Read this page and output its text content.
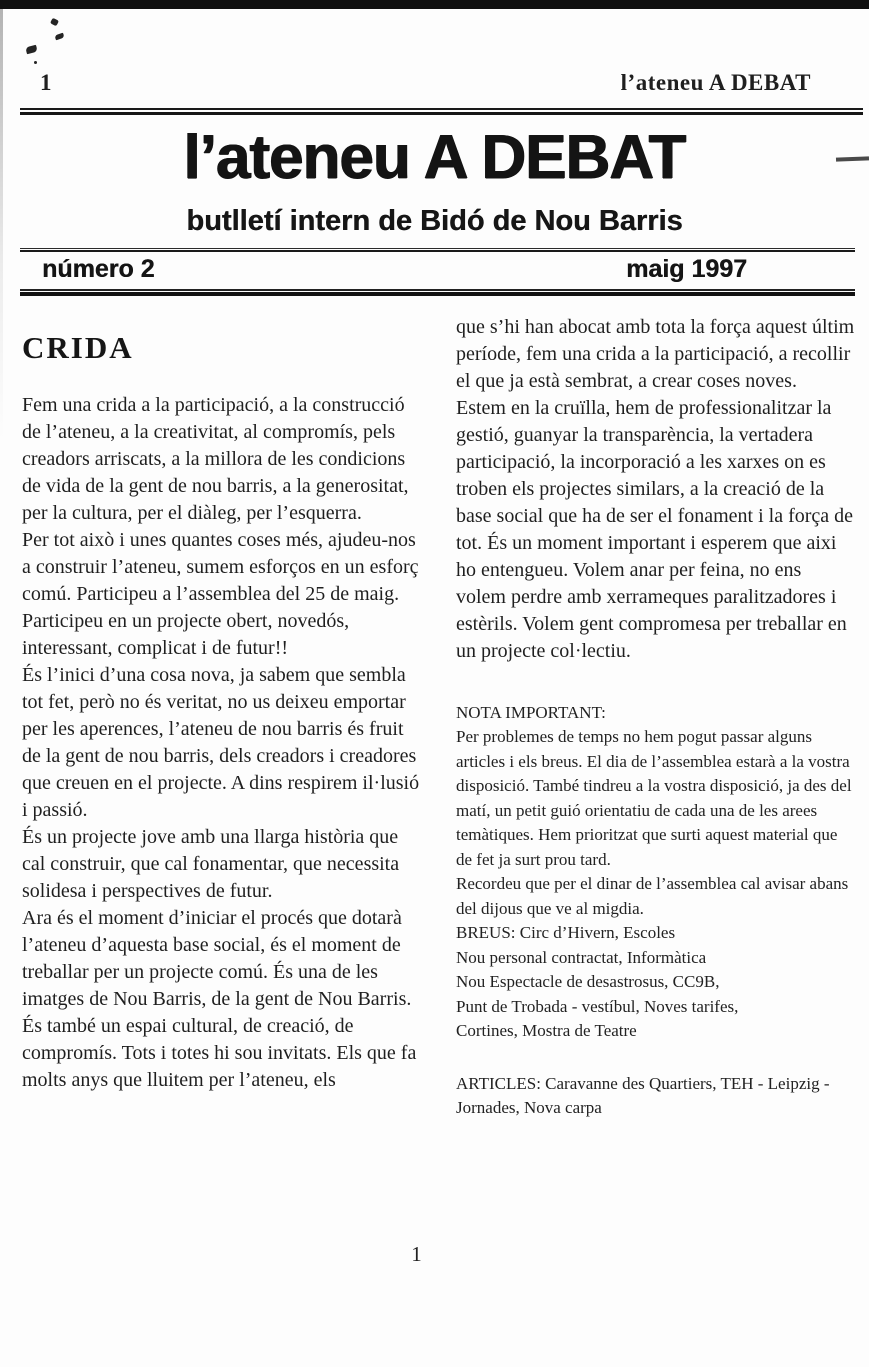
1	l’ateneu A DEBAT
l’ateneu A DEBAT
butlletí intern de Bidó de Nou Barris
número 2	maig 1997
CRIDA

Fem una crida a la participació, a la construcció de l’ateneu, a la creativitat, al compromís, pels creadors arriscats, a la millora de les condicions de vida de la gent de nou barris, a la generositat, per la cultura, per el diàleg, per l’esquerra.

Per tot això i unes quantes coses més, ajudeu-nos a construir l’ateneu, sumem esforços en un esforç comú. Participeu a l’assemblea del 25 de maig. Participeu en un projecte obert, novedós, interessant, complicat i de futur!!

És l’inici d’una cosa nova, ja sabem que sembla tot fet, però no és veritat, no us deixeu emportar per les aperences, l’ateneu de nou barris és fruit de la gent de nou barris, dels creadors i creadores que creuen en el projecte. A dins respirem il·lusió i passió.

És un projecte jove amb una llarga història que cal construir, que cal fonamentar, que necessita solidesa i perspectives de futur.

Ara és el moment d’iniciar el procés que dotarà l’ateneu d’aquesta base social, és el moment de treballar per un projecte comú. És una de les imatges de Nou Barris, de la gent de Nou Barris. És també un espai cultural, de creació, de compromís. Tots i totes hi sou invitats. Els que fa molts anys que lluitem per l’ateneu, els

que s’hi han abocat amb tota la força aquest últim període, fem una crida a la participació, a recollir el que ja està sembrat, a crear coses noves.

Estem en la cruïlla, hem de professionalitzar la gestió, guanyar la transparència, la vertadera participació, la incorporació a les xarxes on es troben els projectes similars, a la creació de la base social que ha de ser el fonament i la força de tot. És un moment important i esperem que aixi ho entengueu. Volem anar per feina, no ens volem perdre amb xerrameques paralitzadores i estèrils. Volem gent compromesa per treballar en un projecte col·lectiu.

NOTA IMPORTANT:

Per problemes de temps no hem pogut passar alguns articles i els breus. El dia de l’assemblea estarà a la vostra disposició. També tindreu a la vostra disposició, ja des del matí, un petit guió orientatiu de cada una de les arees temàtiques. Hem prioritzat que surti aquest material que de fet ja surt prou tard.

Recordeu que per el dinar de l’assemblea cal avisar abans del dijous que ve al migdia.

BREUS: Circ d’Hivern, Escoles
Nou personal contractat, Informàtica
Nou Espectacle de desastrosus, CC9B,
Punt de Trobada - vestíbul, Noves tarifes,
Cortines, Mostra de Teatre

ARTICLES: Caravanne des Quartiers, TEH - Leipzig - Jornades, Nova carpa

1
